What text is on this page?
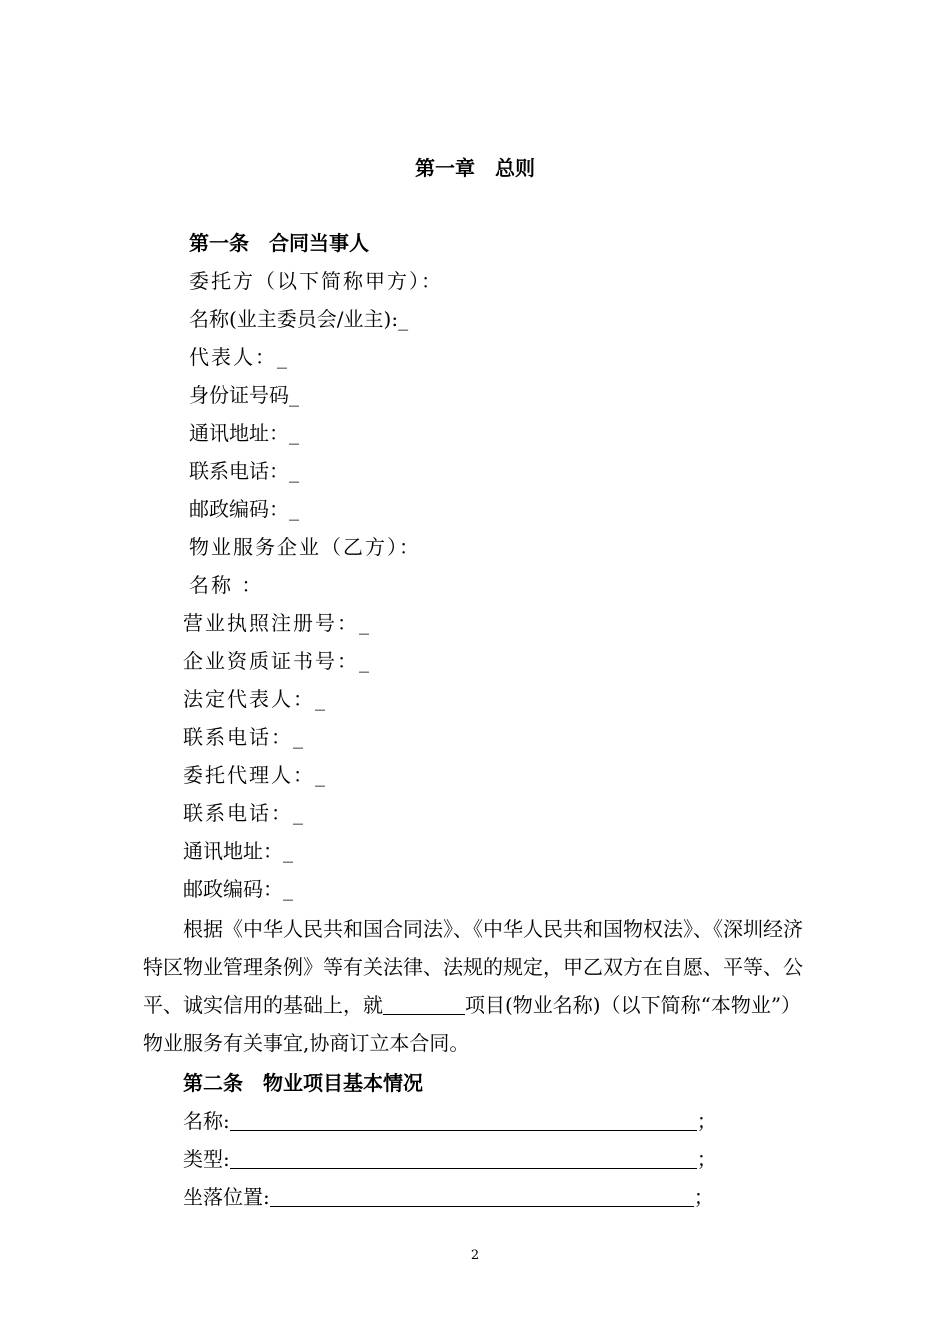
第一章　总则
第一条　合同当事人
委托方（以下简称甲方）：
名称(业主委员会/业主):_
代表人：_
身份证号码_
通讯地址：_
联系电话：_
邮政编码：_
物业服务企业（乙方）：
名称 ：
营业执照注册号：_
企业资质证书号：_
法定代表人：_
联系电话：_
委托代理人：_
联系电话：_
通讯地址：_
邮政编码：_
根据《中华人民共和国合同法》、《中华人民共和国物权法》、《深圳经济特区物业管理条例》等有关法律、法规的规定，甲乙双方在自愿、平等、公平、诚实信用的基础上，就	项目(物业名称)（以下简称“本物业”）物业服务有关事宜,协商订立本合同。
第二条　物业项目基本情况
名称:	；
类型:	；
坐落位置:	；
2
